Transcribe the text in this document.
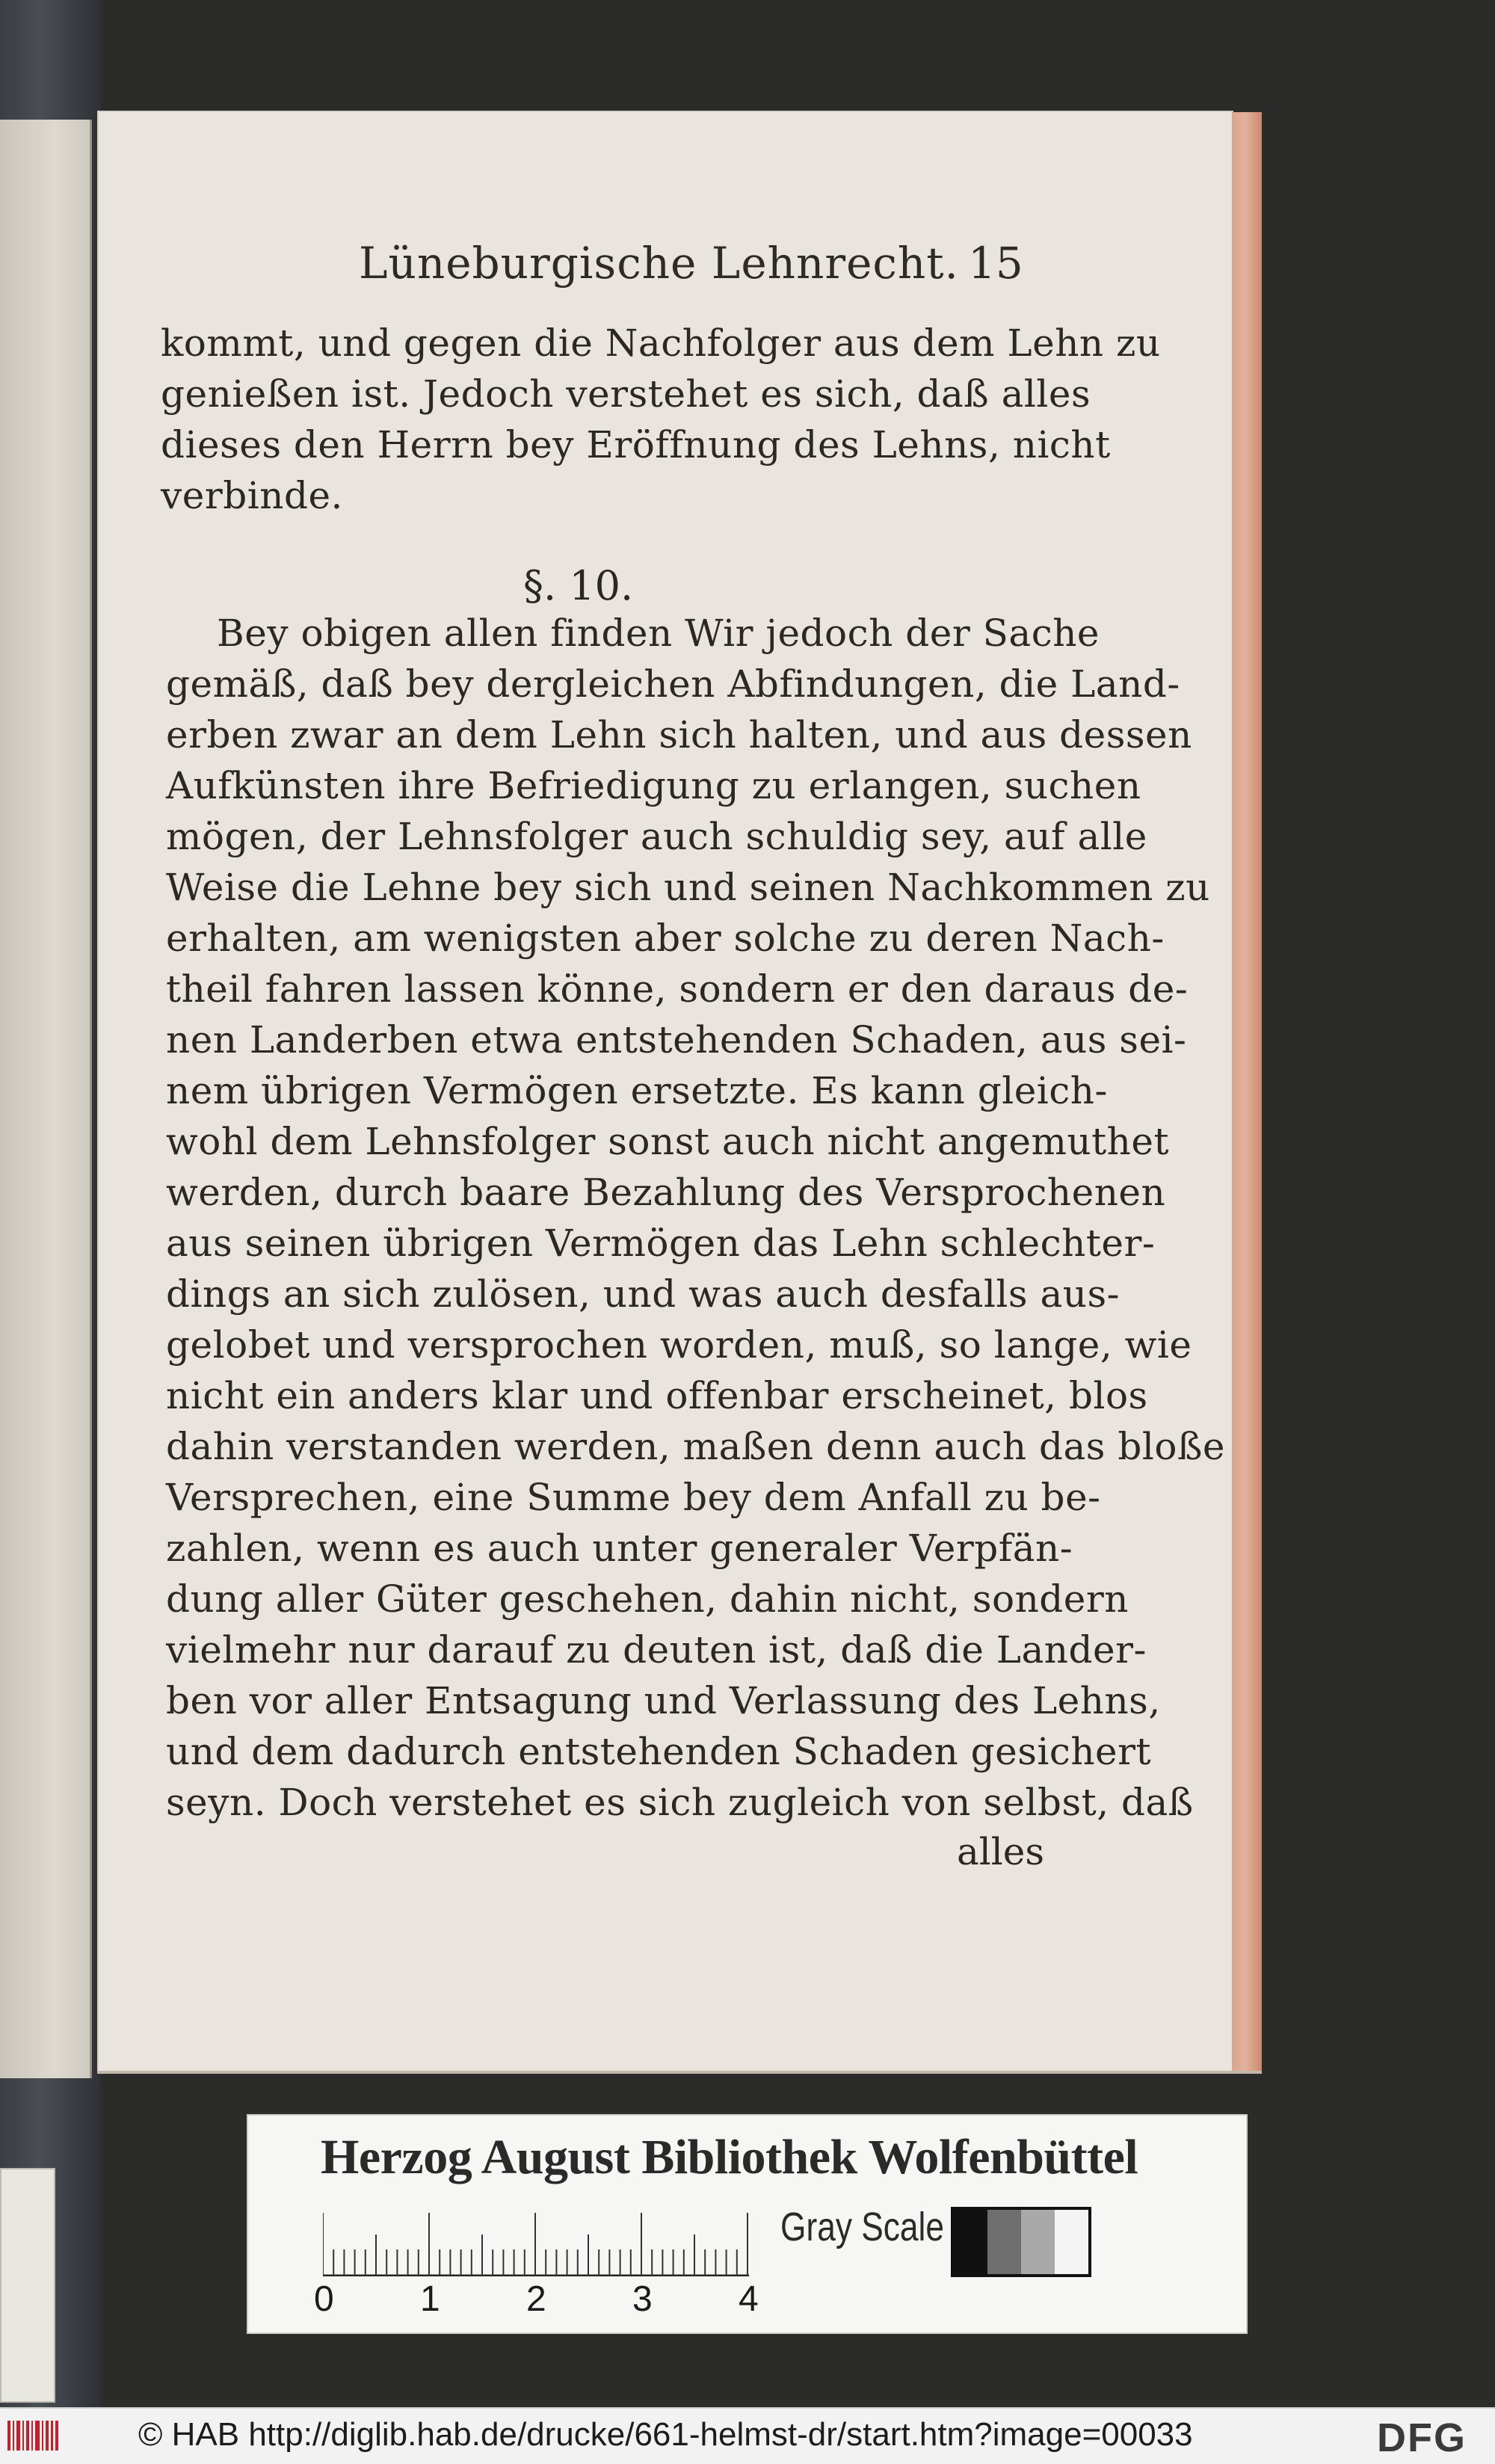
Lüneburgische Lehnrecht. 15
kommt, und gegen die Nachfolger aus dem Lehn zu
genießen ist. Jedoch verstehet es sich, daß alles
dieses den Herrn bey Eröffnung des Lehns, nicht
verbinde.
§. 10.
Bey obigen allen finden Wir jedoch der Sache
gemäß, daß bey dergleichen Abfindungen, die Land-
erben zwar an dem Lehn sich halten, und aus dessen
Aufkünsten ihre Befriedigung zu erlangen, suchen
mögen, der Lehnsfolger auch schuldig sey, auf alle
Weise die Lehne bey sich und seinen Nachkommen zu
erhalten, am wenigsten aber solche zu deren Nach-
theil fahren lassen könne, sondern er den daraus de-
nen Landerben etwa entstehenden Schaden, aus sei-
nem übrigen Vermögen ersetzte. Es kann gleich-
wohl dem Lehnsfolger sonst auch nicht angemuthet
werden, durch baare Bezahlung des Versprochenen
aus seinen übrigen Vermögen das Lehn schlechter-
dings an sich zulösen, und was auch desfalls aus-
gelobet und versprochen worden, muß, so lange, wie
nicht ein anders klar und offenbar erscheinet, blos
dahin verstanden werden, maßen denn auch das bloße
Versprechen, eine Summe bey dem Anfall zu be-
zahlen, wenn es auch unter generaler Verpfän-
dung aller Güter geschehen, dahin nicht, sondern
vielmehr nur darauf zu deuten ist, daß die Lander-
ben vor aller Entsagung und Verlassung des Lehns,
und dem dadurch entstehenden Schaden gesichert
seyn. Doch verstehet es sich zugleich von selbst, daß
alles
Herzog August Bibliothek Wolfenbüttel
0 1 2 3 4
Gray Scale
© HAB http://diglib.hab.de/drucke/661-helmst-dr/start.htm?image=00033	DFG
